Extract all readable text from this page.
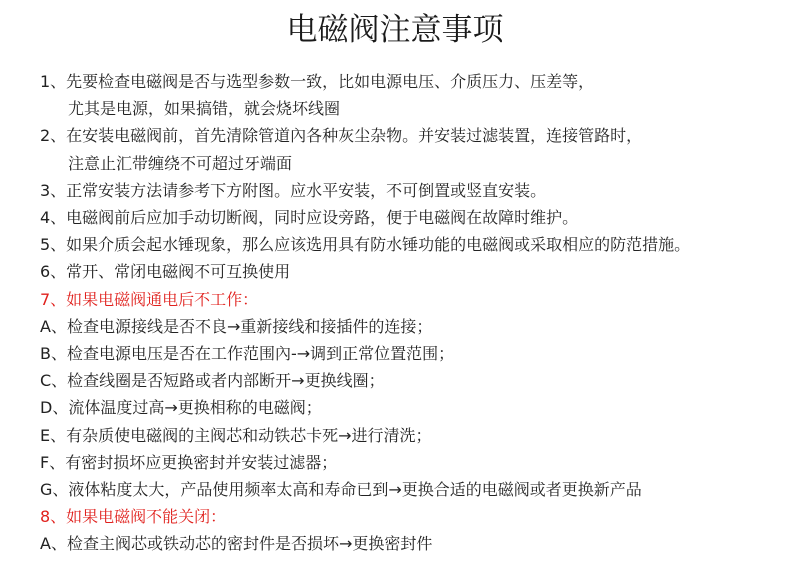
电磁阀注意事项
1、先要检查电磁阀是否与选型参数一致，比如电源电压、介质压力、压差等，
尤其是电源，如果搞错，就会烧坏线圈
2、在安装电磁阀前，首先清除管道內各种灰尘杂物。并安装过滤装置，连接管路时，
注意止汇带缠绕不可超过牙端面
3、正常安装方法请参考下方附图。应水平安装，不可倒置或竖直安装。
4、电磁阀前后应加手动切断阀，同时应设旁路，便于电磁阀在故障时维护。
5、如果介质会起水锤现象，那么应该选用具有防水锤功能的电磁阀或采取相应的防范措施。
6、常开、常闭电磁阀不可互换使用
7、如果电磁阀通电后不工作：
A、检查电源接线是否不良→重新接线和接插件的连接；
B、检查电源电压是否在工作范围內-→调到正常位置范围；
C、检查线圈是否短路或者内部断开→更换线圈；
D、流体温度过高→更换相称的电磁阀；
E、有杂质使电磁阀的主阀芯和动铁芯卡死→进行清洗；
F、有密封损坏应更换密封并安装过滤器；
G、液体粘度太大，产品使用频率太高和寿命已到→更换合适的电磁阀或者更换新产品
8、如果电磁阀不能关闭：
A、检查主阀芯或铁动芯的密封件是否损坏→更换密封件
